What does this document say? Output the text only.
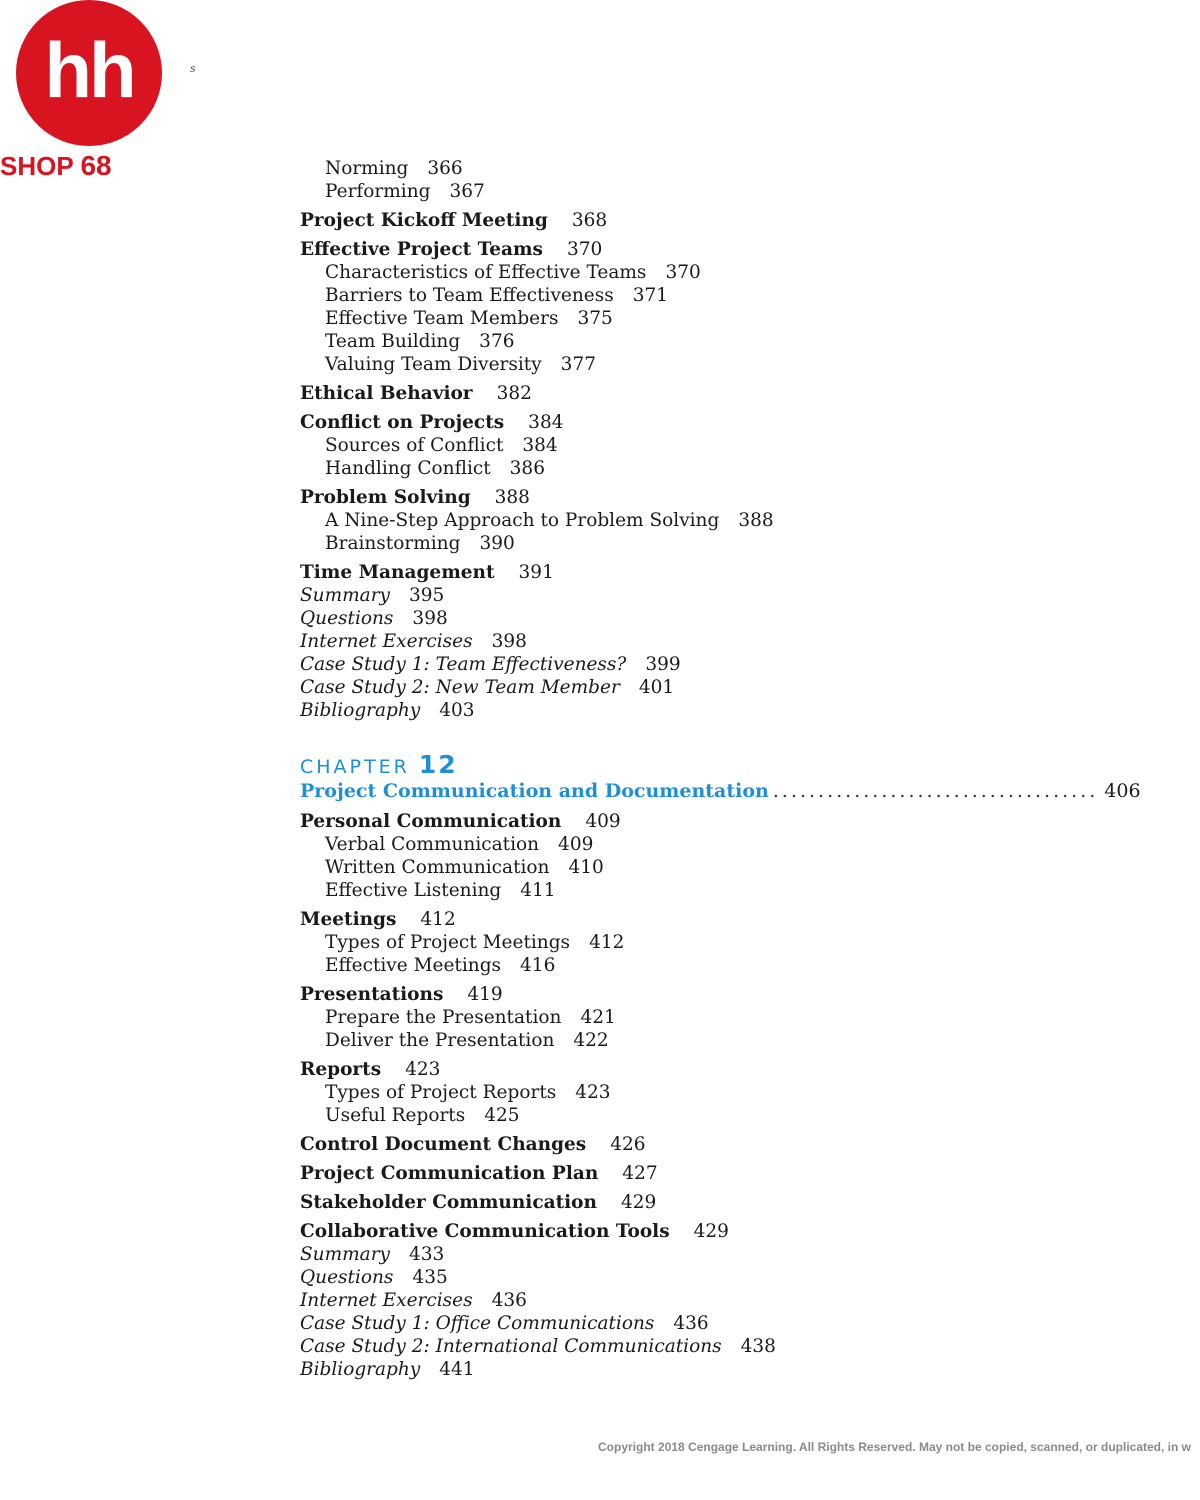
hh
SHOP 68
s
Norming 366
Performing 367
Project Kickoff Meeting 368
Effective Project Teams 370
Characteristics of Effective Teams 370
Barriers to Team Effectiveness 371
Effective Team Members 375
Team Building 376
Valuing Team Diversity 377
Ethical Behavior 382
Conflict on Projects 384
Sources of Conflict 384
Handling Conflict 386
Problem Solving 388
A Nine-Step Approach to Problem Solving 388
Brainstorming 390
Time Management 391
Summary 395
Questions 398
Internet Exercises 398
Case Study 1: Team Effectiveness? 399
Case Study 2: New Team Member 401
Bibliography 403
CHAPTER 12
Project Communication and Documentation .................................... 406
Personal Communication 409
Verbal Communication 409
Written Communication 410
Effective Listening 411
Meetings 412
Types of Project Meetings 412
Effective Meetings 416
Presentations 419
Prepare the Presentation 421
Deliver the Presentation 422
Reports 423
Types of Project Reports 423
Useful Reports 425
Control Document Changes 426
Project Communication Plan 427
Stakeholder Communication 429
Collaborative Communication Tools 429
Summary 433
Questions 435
Internet Exercises 436
Case Study 1: Office Communications 436
Case Study 2: International Communications 438
Bibliography 441
Copyright 2018 Cengage Learning. All Rights Reserved. May not be copied, scanned, or duplicated, in w
